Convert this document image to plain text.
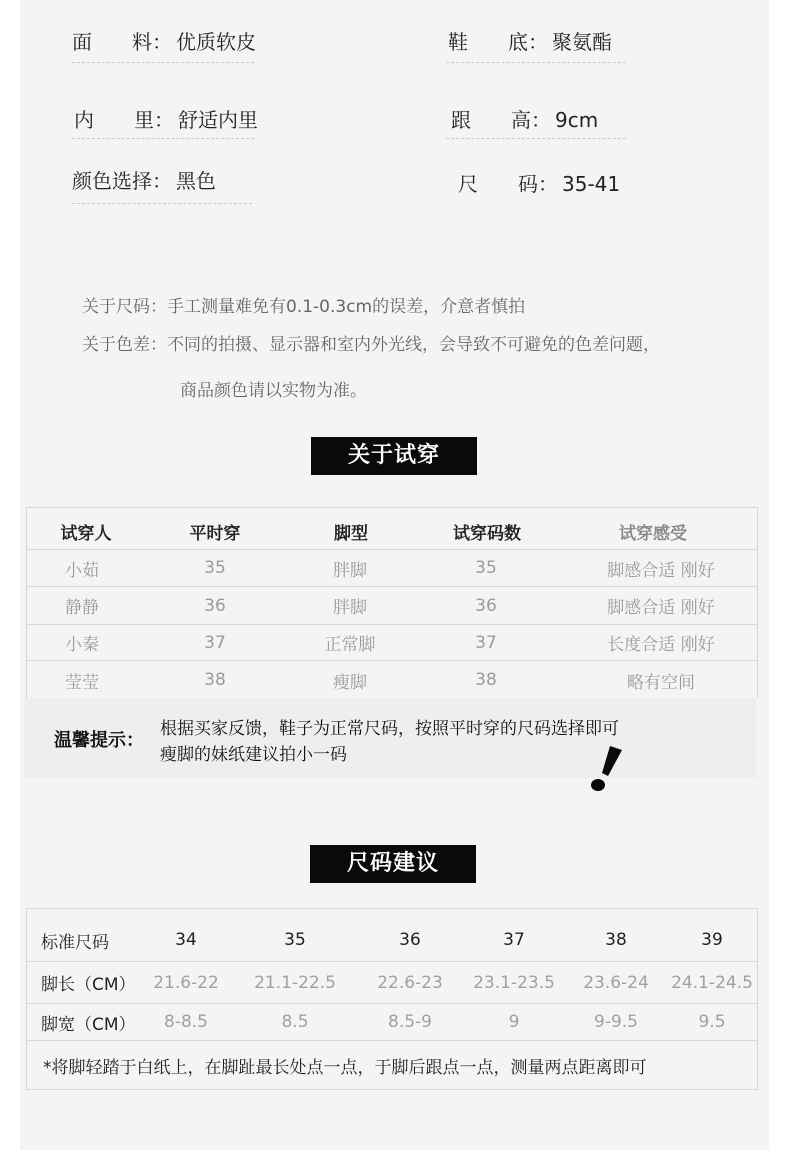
面　　料： 优质软皮	鞋　　底： 聚氨酯
内　　里： 舒适内里	跟　　高： 9cm
颜色选择： 黑色	尺　　码： 35-41
关于尺码：手工测量难免有0.1-0.3cm的误差，介意者慎拍
关于色差：不同的拍摄、显示器和室内外光线，会导致不可避免的色差问题，
商品颜色请以实物为准。
关于试穿
试穿人	平时穿	脚型	试穿码数	试穿感受
小茹	35	胖脚	35	脚感合适 刚好
静静	36	胖脚	36	脚感合适 刚好
小秦	37	正常脚	37	长度合适 刚好
莹莹	38	瘦脚	38	略有空间
温馨提示：
根据买家反馈，鞋子为正常尺码，按照平时穿的尺码选择即可
瘦脚的妹纸建议拍小一码
尺码建议
标准尺码	34	35	36	37	38	39
脚长（CM）	21.6-22	21.1-22.5	22.6-23	23.1-23.5	23.6-24	24.1-24.5
脚宽（CM）	8-8.5	8.5	8.5-9	9	9-9.5	9.5
*将脚轻踏于白纸上，在脚趾最长处点一点，于脚后跟点一点，测量两点距离即可
